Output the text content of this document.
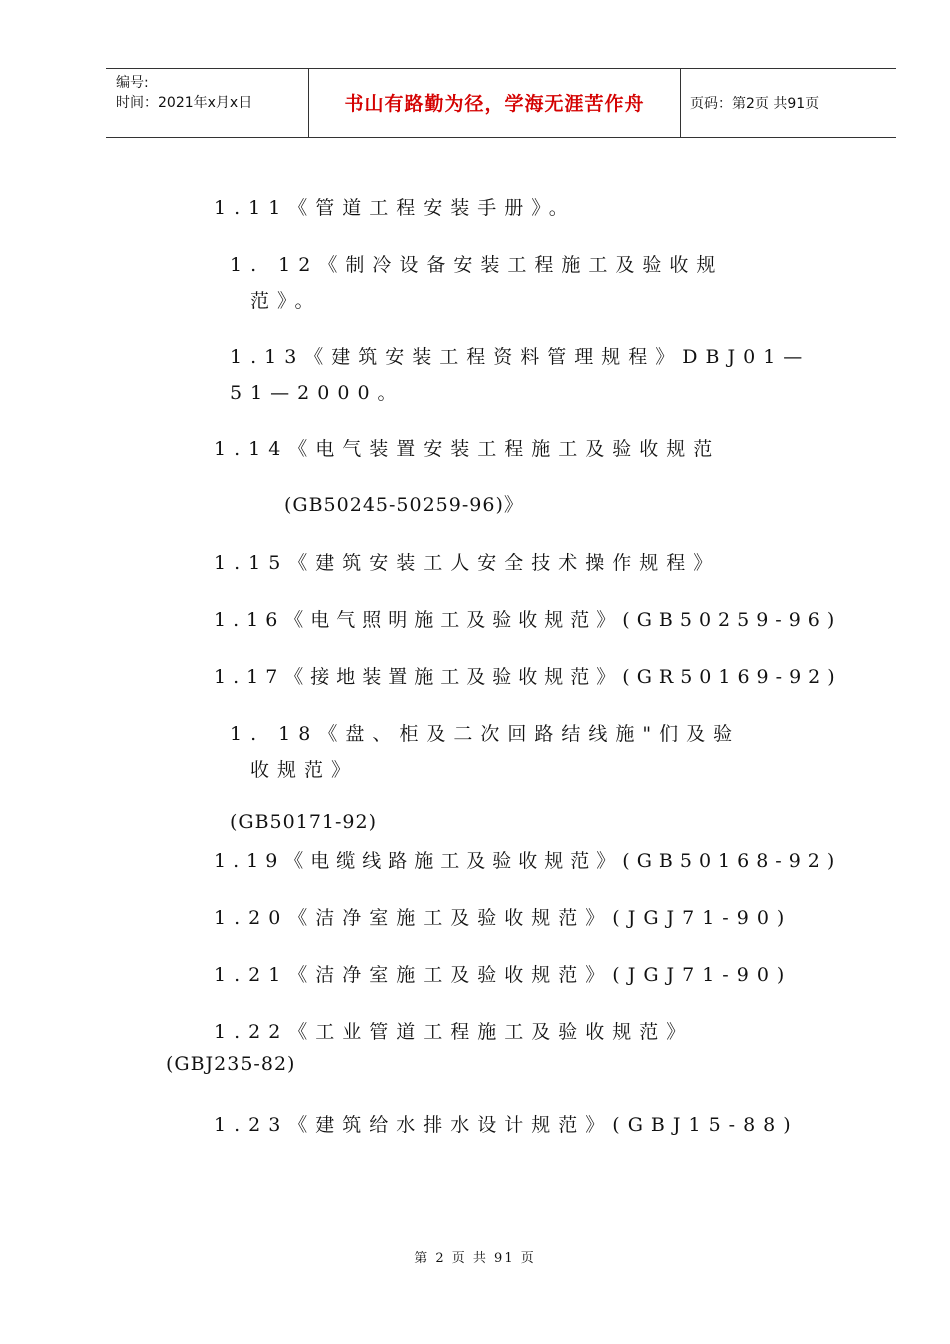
编号:
时间：2021年x月x日	书山有路勤为径，学海无涯苦作舟	页码：第2页 共91页
1.11《管道工程安装手册》。
1. 12《制冷设备安装工程施工及验收规
范》。
1.13《建筑安装工程资料管理规程》DBJ01—
51—2000。
1.14《电气装置安装工程施工及验收规范
(GB50245-50259-96)》
1.15《建筑安装工人安全技术操作规程》
1.16《电气照明施工及验收规范》(GB50259-96)
1.17《接地装置施工及验收规范》(GR50169-92)
1. 18《盘、柜及二次回路结线施"们及验
收规范》
(GB50171-92)
1.19《电缆线路施工及验收规范》(GB50168-92)
1.20《洁净室施工及验收规范》(JGJ71-90)
1.21《洁净室施工及验收规范》(JGJ71-90)
1.22《工业管道工程施工及验收规范》
(GBJ235-82)
1.23《建筑给水排水设计规范》(GBJ15-88)
第 2 页 共 91 页
